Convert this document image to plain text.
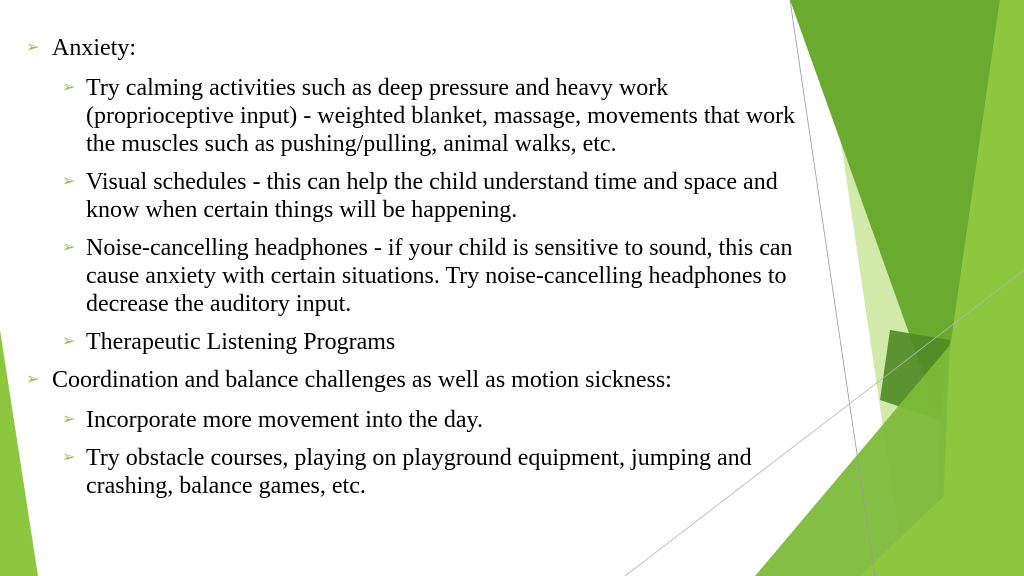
➢ Anxiety:
➢ Try calming activities such as deep pressure and heavy work (proprioceptive input) - weighted blanket, massage, movements that work the muscles such as pushing/pulling, animal walks, etc.
➢ Visual schedules - this can help the child understand time and space and know when certain things will be happening.
➢ Noise-cancelling headphones - if your child is sensitive to sound, this can cause anxiety with certain situations. Try noise-cancelling headphones to decrease the auditory input.
➢ Therapeutic Listening Programs
➢ Coordination and balance challenges as well as motion sickness:
➢ Incorporate more movement into the day.
➢ Try obstacle courses, playing on playground equipment, jumping and crashing, balance games, etc.
